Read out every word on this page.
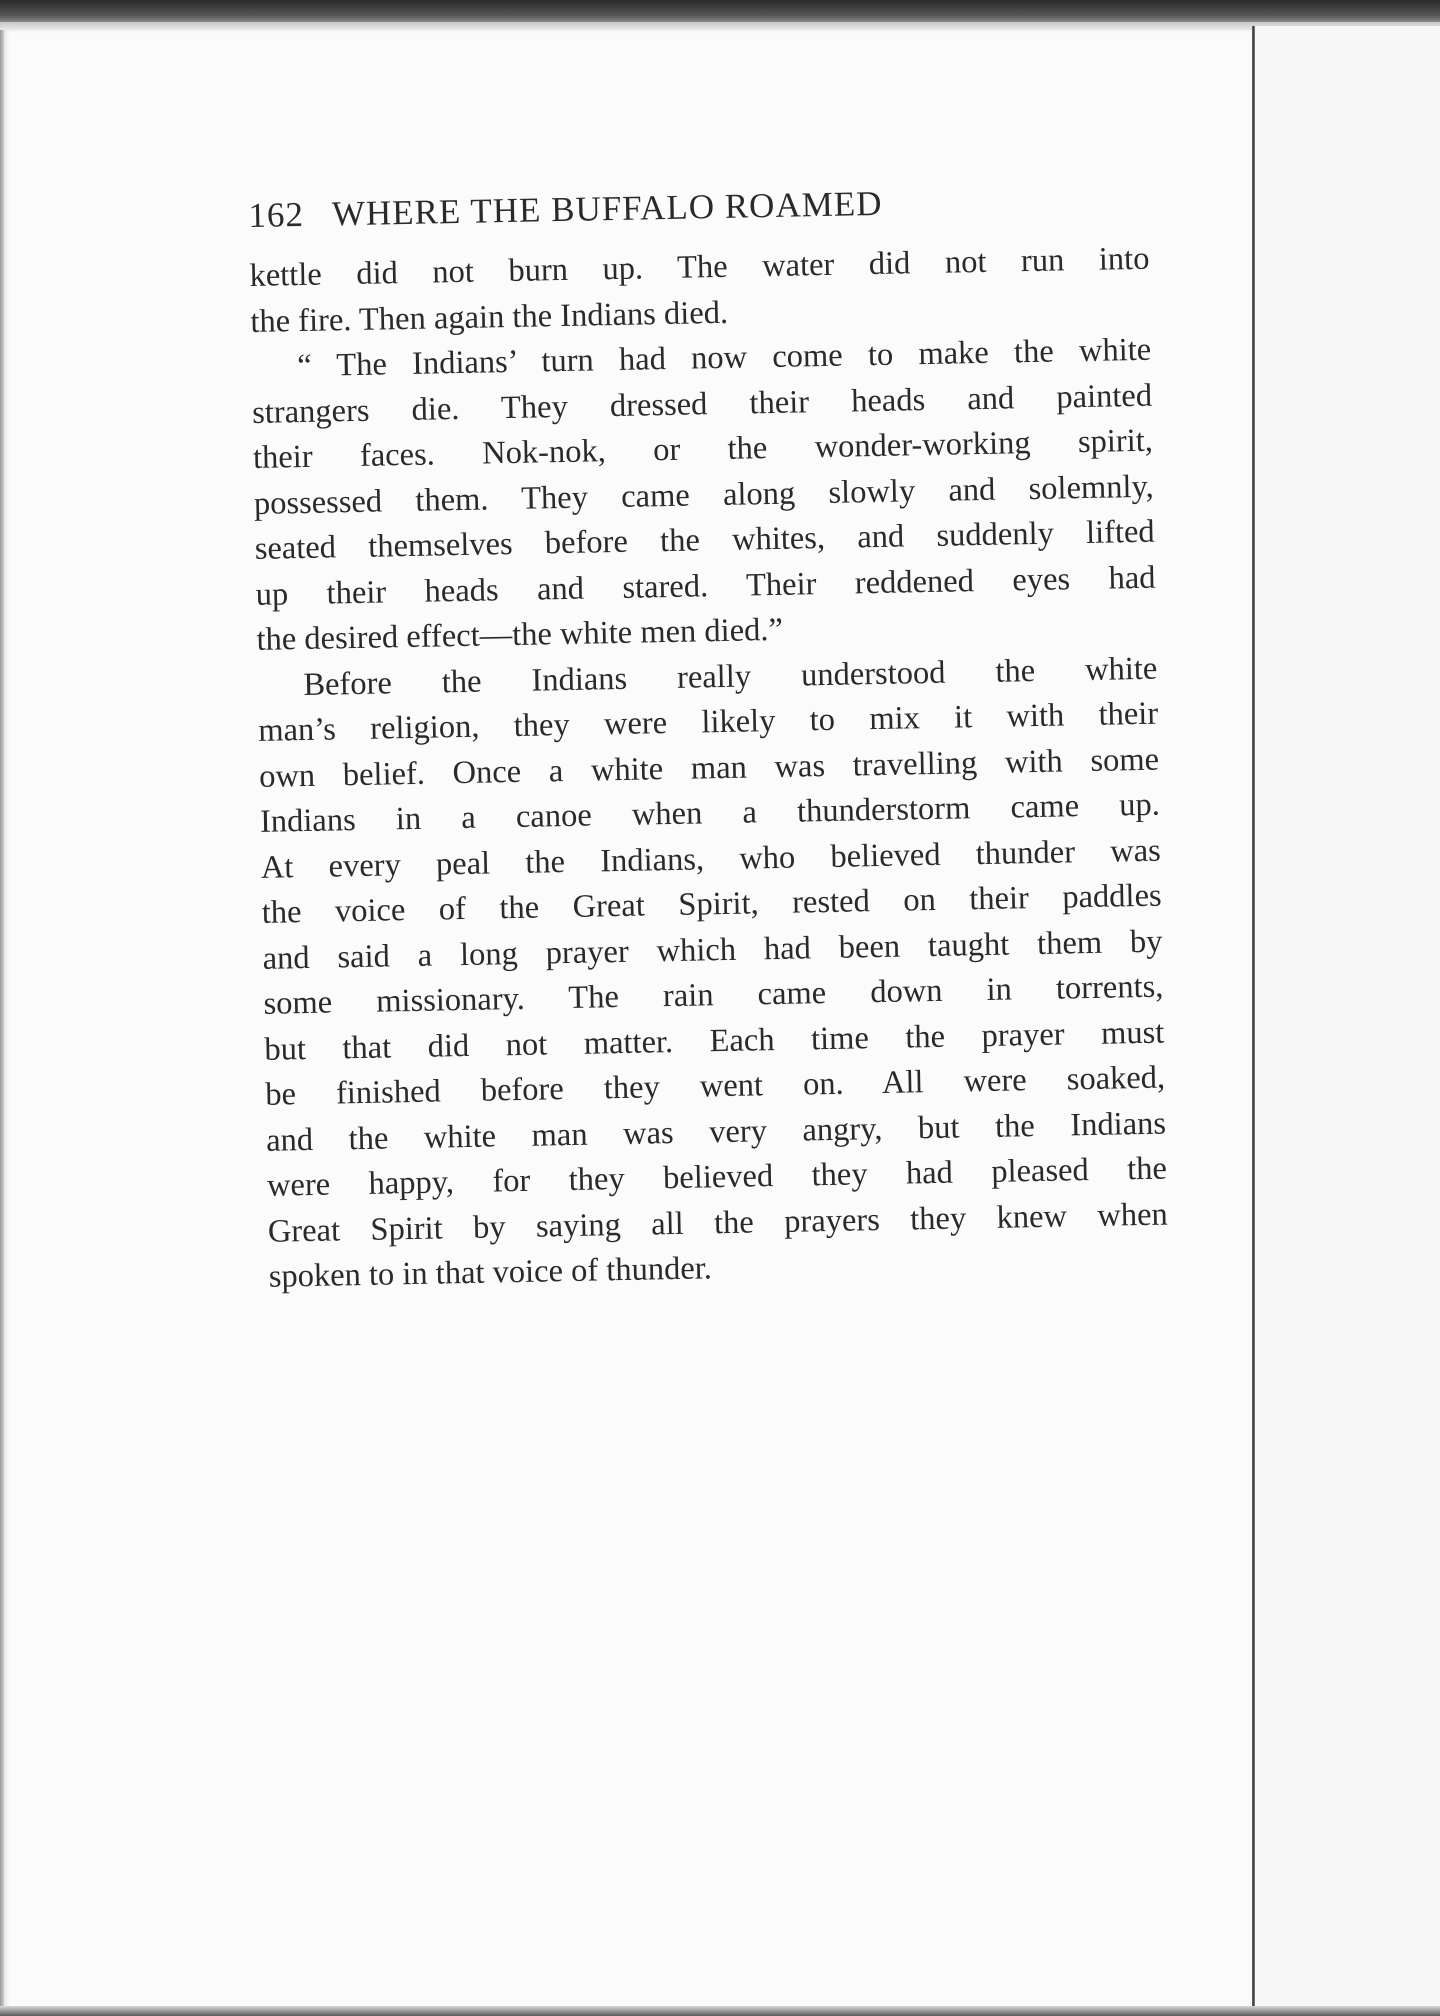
162 WHERE THE BUFFALO ROAMED

kettle did not burn up. The water did not run into
the fire. Then again the Indians died.

“ The Indians’ turn had now come to make the white
strangers die. They dressed their heads and painted
their faces. Nok-nok, or the wonder-working spirit,
possessed them. They came along slowly and solemnly,
seated themselves before the whites, and suddenly lifted
up their heads and stared. Their reddened eyes had
the desired effect—the white men died.”

Before the Indians really understood the white
man’s religion, they were likely to mix it with their
own belief. Once a white man was travelling with some
Indians in a canoe when a thunderstorm came up.
At every peal the Indians, who believed thunder was
the voice of the Great Spirit, rested on their paddles
and said a long prayer which had been taught them by
some missionary. The rain came down in torrents,
but that did not matter. Each time the prayer must
be finished before they went on. All were soaked,
and the white man was very angry, but the Indians
were happy, for they believed they had pleased the
Great Spirit by saying all the prayers they knew when
spoken to in that voice of thunder.
